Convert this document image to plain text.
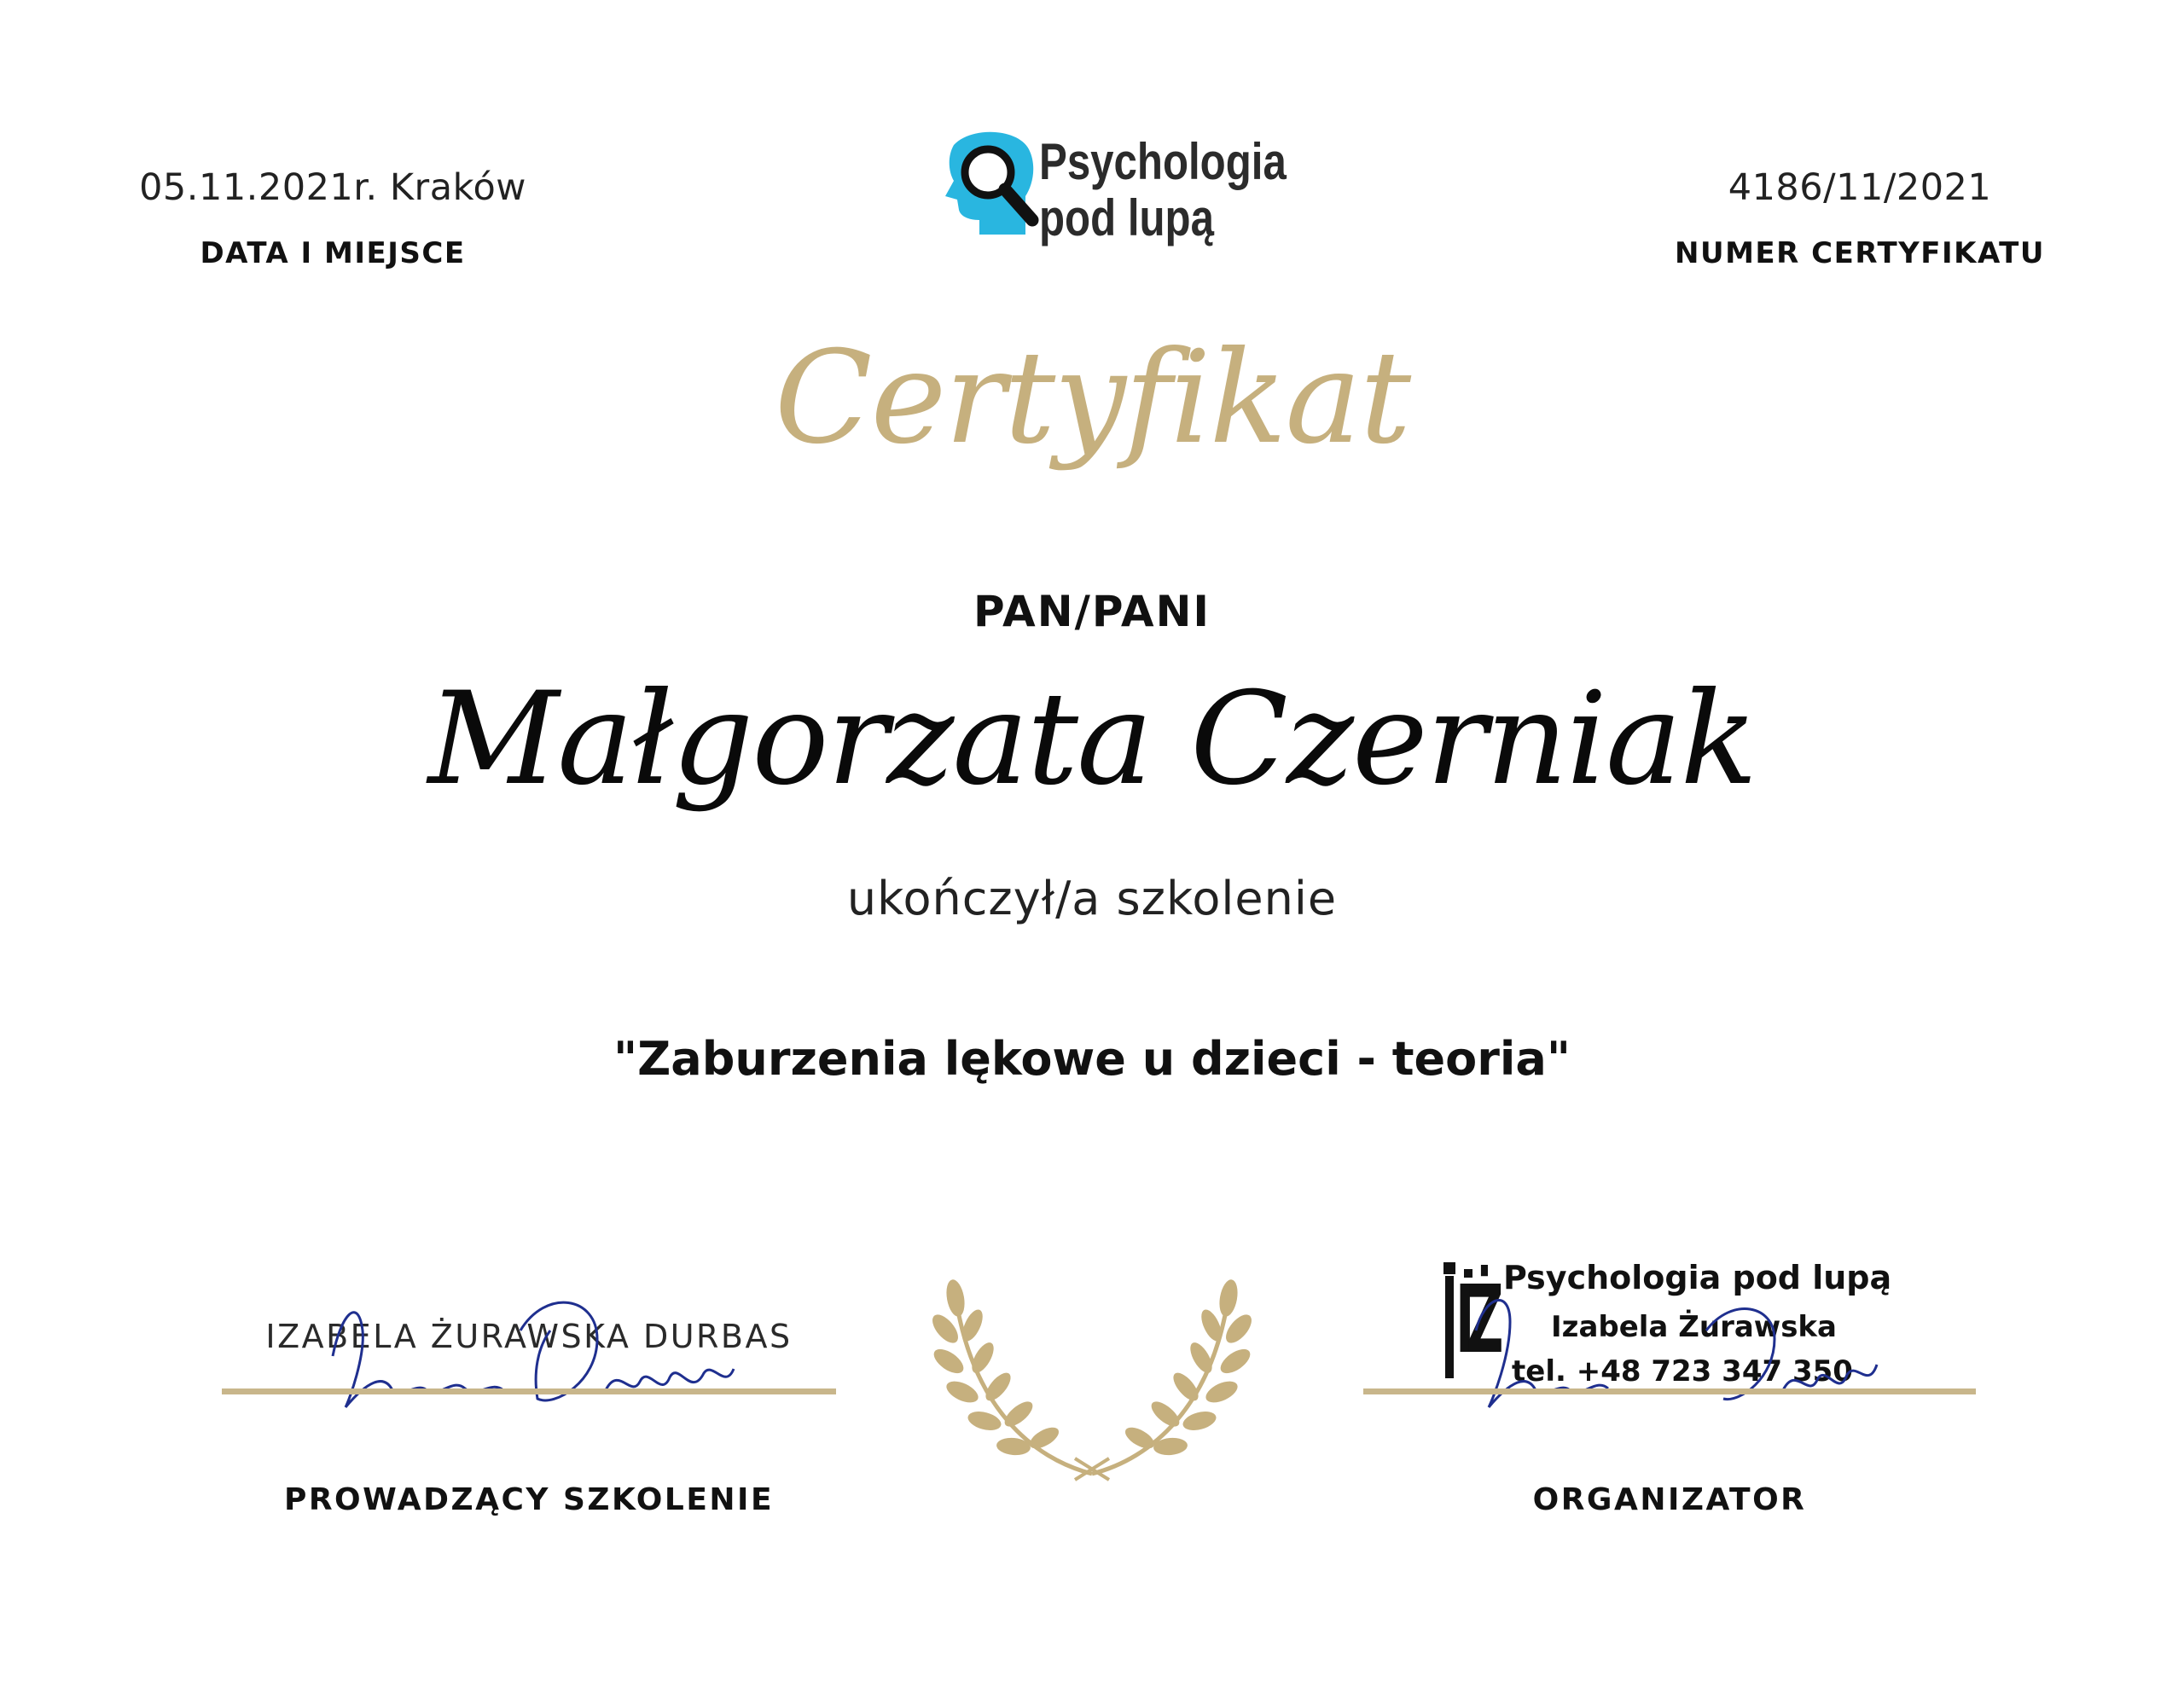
05.11.2021r. Kraków
DATA I MIEJSCE
4186/11/2021
NUMER CERTYFIKATU
Psychologia
pod lupą
Certyfikat
PAN/PANI
Małgorzata Czerniak
ukończył/a szkolenie
"Zaburzenia lękowe u dzieci - teoria"
IZABELA ŻURAWSKA DURBAS
PROWADZĄCY SZKOLENIE
IŻ Psychologia pod lupą
Izabela Żurawska
tel. +48 723 347 350
ORGANIZATOR
